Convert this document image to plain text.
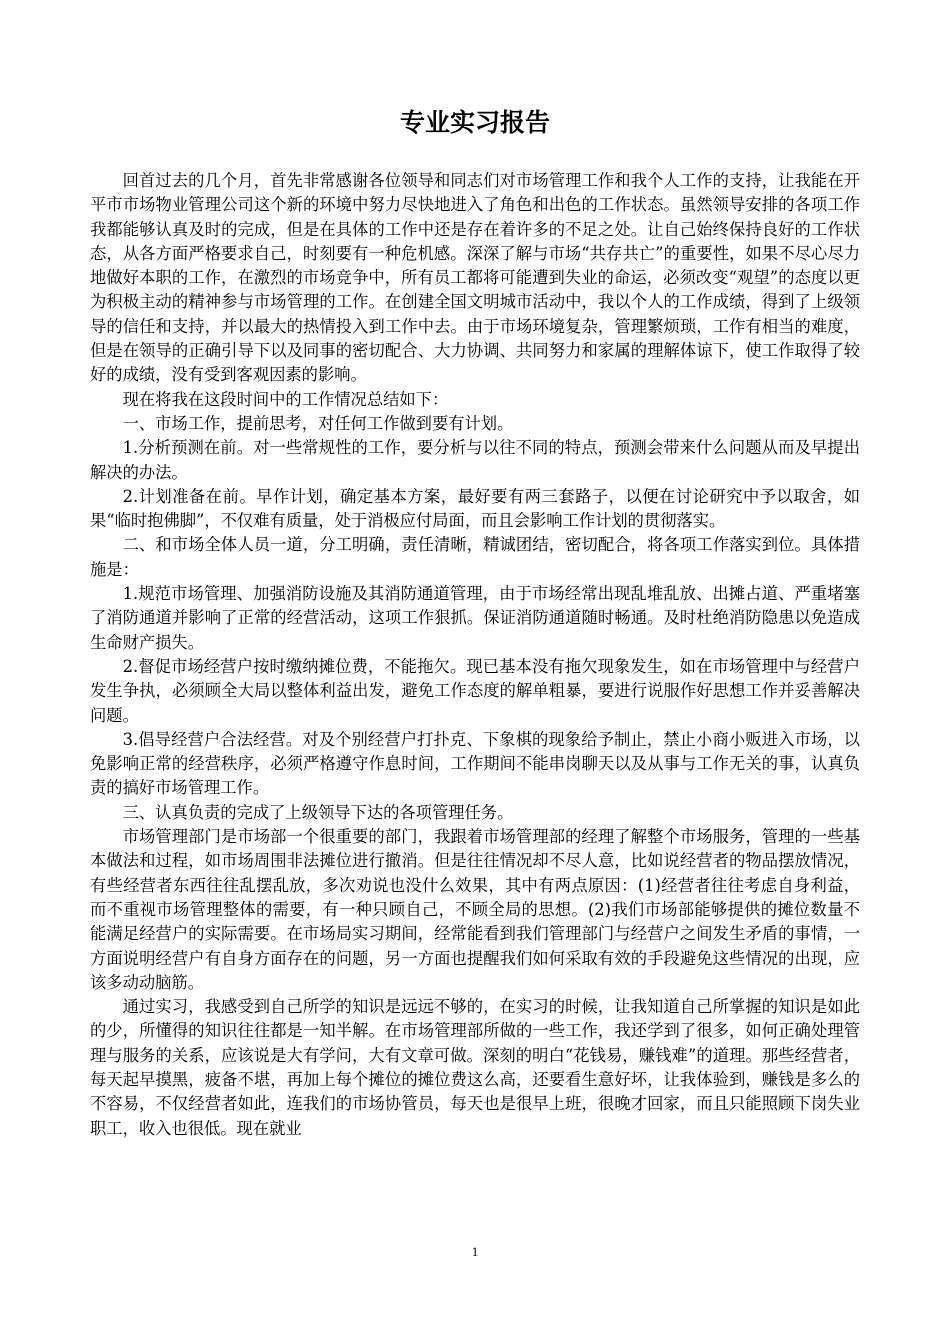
专业实习报告

回首过去的几个月，首先非常感谢各位领导和同志们对市场管理工作和我个人工作的支持，让我能在开平市市场物业管理公司这个新的环境中努力尽快地进入了角色和出色的工作状态。虽然领导安排的各项工作我都能够认真及时的完成，但是在具体的工作中还是存在着许多的不足之处。让自己始终保持良好的工作状态，从各方面严格要求自己，时刻要有一种危机感。深深了解与市场“共存共亡”的重要性，如果不尽心尽力地做好本职的工作，在激烈的市场竞争中，所有员工都将可能遭到失业的命运，必须改变“观望”的态度以更为积极主动的精神参与市场管理的工作。在创建全国文明城市活动中，我以个人的工作成绩，得到了上级领导的信任和支持，并以最大的热情投入到工作中去。由于市场环境复杂，管理繁烦琐，工作有相当的难度，但是在领导的正确引导下以及同事的密切配合、大力协调、共同努力和家属的理解体谅下，使工作取得了较好的成绩，没有受到客观因素的影响。

现在将我在这段时间中的工作情况总结如下：

一、市场工作，提前思考，对任何工作做到要有计划。

1.分析预测在前。对一些常规性的工作，要分析与以往不同的特点，预测会带来什么问题从而及早提出解决的办法。

2.计划准备在前。早作计划，确定基本方案，最好要有两三套路子，以便在讨论研究中予以取舍，如果“临时抱佛脚”，不仅难有质量，处于消极应付局面，而且会影响工作计划的贯彻落实。

二、和市场全体人员一道，分工明确，责任清晰，精诚团结，密切配合，将各项工作落实到位。具体措施是：

1.规范市场管理、加强消防设施及其消防通道管理，由于市场经常出现乱堆乱放、出摊占道、严重堵塞了消防通道并影响了正常的经营活动，这项工作狠抓。保证消防通道随时畅通。及时杜绝消防隐患以免造成生命财产损失。

2.督促市场经营户按时缴纳摊位费，不能拖欠。现已基本没有拖欠现象发生，如在市场管理中与经营户发生争执，必须顾全大局以整体利益出发，避免工作态度的解单粗暴，要进行说服作好思想工作并妥善解决问题。

3.倡导经营户合法经营。对及个别经营户打扑克、下象棋的现象给予制止，禁止小商小贩进入市场，以免影响正常的经营秩序，必须严格遵守作息时间，工作期间不能串岗聊天以及从事与工作无关的事，认真负责的搞好市场管理工作。

三、认真负责的完成了上级领导下达的各项管理任务。

市场管理部门是市场部一个很重要的部门，我跟着市场管理部的经理了解整个市场服务，管理的一些基本做法和过程，如市场周围非法摊位进行撤消。但是往往情况却不尽人意，比如说经营者的物品摆放情况，有些经营者东西往往乱摆乱放，多次劝说也没什么效果，其中有两点原因：(1)经营者往往考虑自身利益，而不重视市场管理整体的需要，有一种只顾自己，不顾全局的思想。(2)我们市场部能够提供的摊位数量不能满足经营户的实际需要。在市场局实习期间，经常能看到我们管理部门与经营户之间发生矛盾的事情，一方面说明经营户有自身方面存在的问题，另一方面也提醒我们如何采取有效的手段避免这些情况的出现，应该多动动脑筋。

通过实习，我感受到自己所学的知识是远远不够的，在实习的时候，让我知道自己所掌握的知识是如此的少，所懂得的知识往往都是一知半解。在市场管理部所做的一些工作，我还学到了很多，如何正确处理管理与服务的关系，应该说是大有学问，大有文章可做。深刻的明白“花钱易，赚钱难”的道理。那些经营者，每天起早摸黑，疲备不堪，再加上每个摊位的摊位费这么高，还要看生意好坏，让我体验到，赚钱是多么的不容易，不仅经营者如此，连我们的市场协管员，每天也是很早上班，很晚才回家，而且只能照顾下岗失业职工，收入也很低。现在就业

1
